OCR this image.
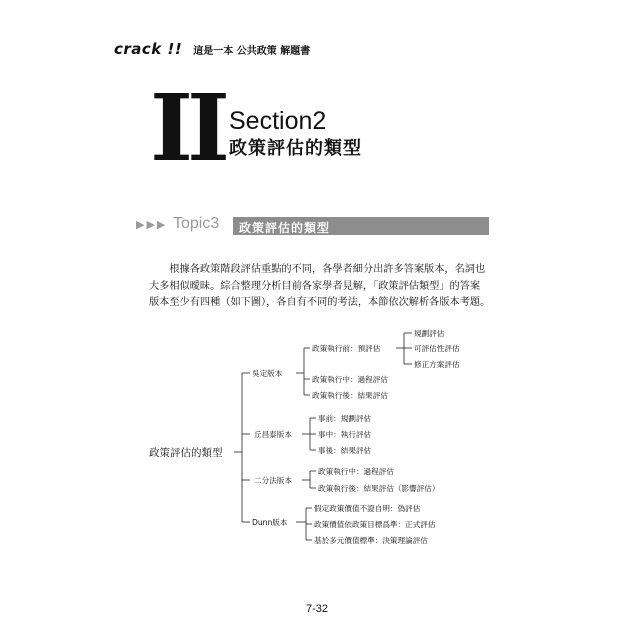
crack !! 這是一本 公共政策 解題書
II Section2
政策評估的類型
▶▶▶ Topic3 政策評估的類型

　　根據各政策階段評估重點的不同，各學者細分出許多答案版本，名詞也

大多相似曖昧。綜合整理分析目前各家學者見解，「政策評估類型」的答案

版本至少有四種（如下圖），各自有不同的考法，本節依次解析各版本考題。

政策評估的類型
吳定版本
丘昌泰版本
二分法版本
Dunn版本
政策執行前：預評估
政策執行中：過程評估
政策執行後：結果評估
規劃評估
可評估性評估
修正方案評估
事前：規劃評估
事中：執行評估
事後：結果評估
政策執行中：過程評估
政策執行後：結果評估（影響評估）
假定政策價值不證自明：偽評估
政策價值依政策目標爲準：正式評估
基於多元價值標準：決策理論評估
7-32
